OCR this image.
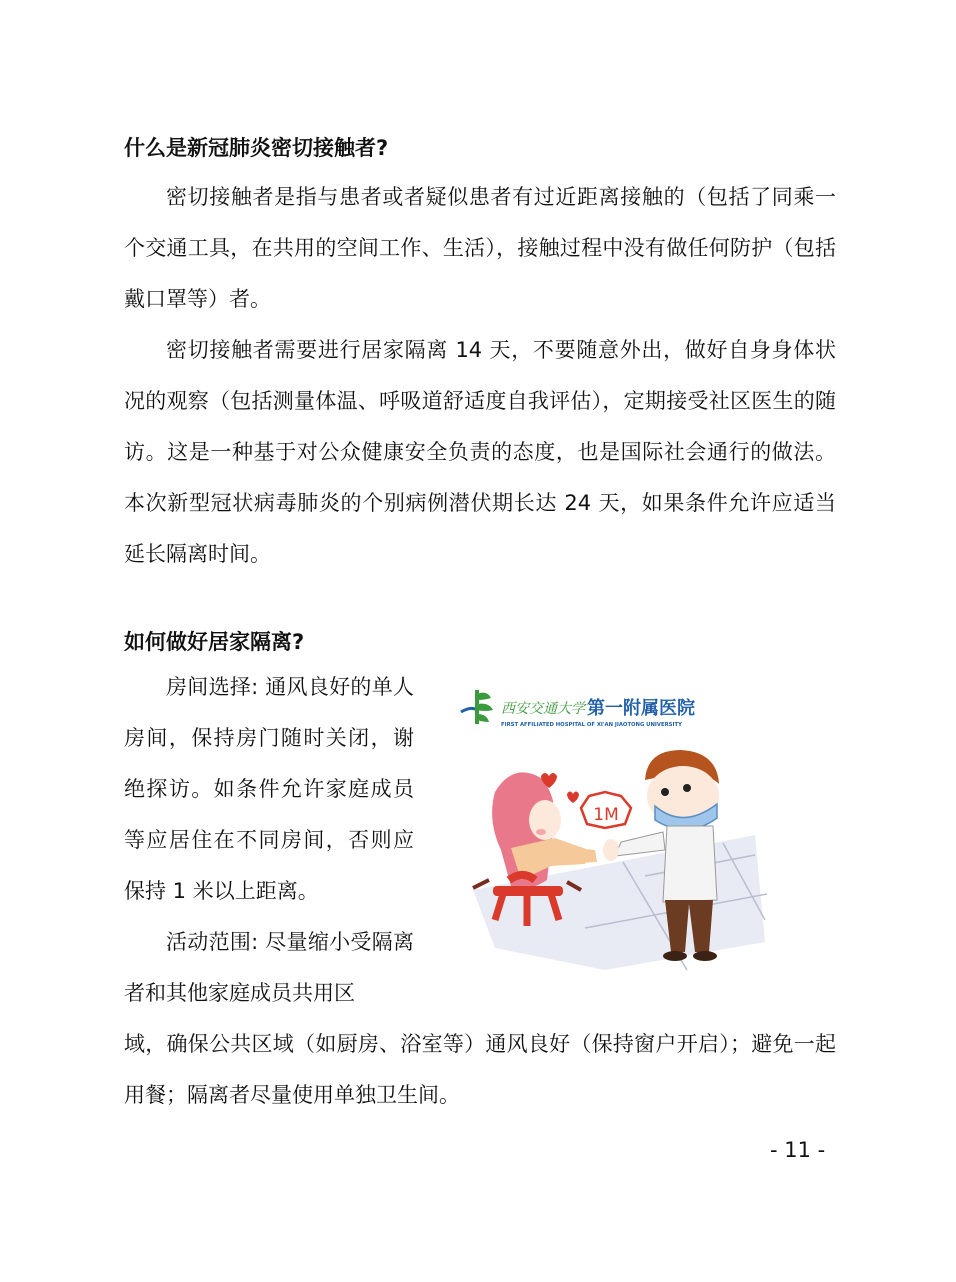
什么是新冠肺炎密切接触者?

密切接触者是指与患者或者疑似患者有过近距离接触的（包括了同乘一个交通工具，在共用的空间工作、生活），接触过程中没有做任何防护（包括戴口罩等）者。

密切接触者需要进行居家隔离 14 天，不要随意外出，做好自身身体状况的观察（包括测量体温、呼吸道舒适度自我评估），定期接受社区医生的随访。这是一种基于对公众健康安全负责的态度，也是国际社会通行的做法。本次新型冠状病毒肺炎的个别病例潜伏期长达 24 天，如果条件允许应适当延长隔离时间。

如何做好居家隔离?

房间选择: 通风良好的单人房间，保持房门随时关闭，谢绝探访。如条件允许家庭成员等应居住在不同房间，否则应保持 1 米以上距离。

活动范围: 尽量缩小受隔离者和其他家庭成员共用区

域，确保公共区域（如厨房、浴室等）通风良好（保持窗户开启）；避免一起用餐；隔离者尽量使用单独卫生间。

西安交通大学 第一附属医院
FIRST AFFILIATED HOSPITAL OF XI'AN JIAOTONG UNIVERSITY
1M
- 11 -
